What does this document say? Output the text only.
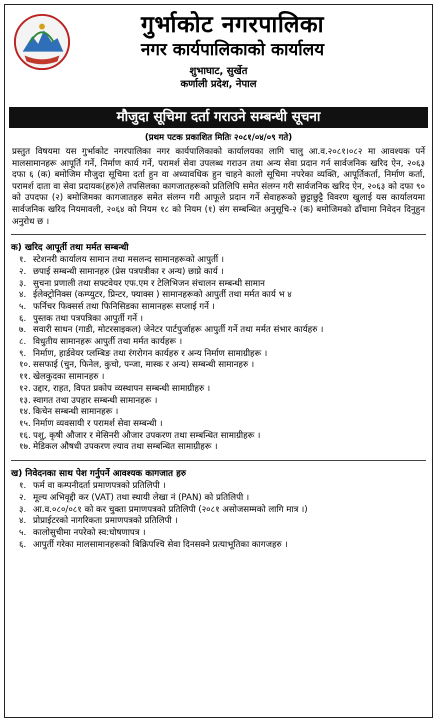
गुर्भाकोट नगरपालिका
नगर कार्यपालिकाको कार्यालय
शुभाघाट, सुर्खेत
कर्णाली प्रदेश, नेपाल
मौजुदा सूचिमा दर्ता गराउने सम्बन्धी सूचना
(प्रथम पटक प्रकाशित मितिः २०८१/०४/०९ गते)
प्रस्तुत विषयमा यस गुर्भाकोट नगरपालिका नगर कार्यपालिकाको कार्यालयका लागि चालु आ.व.२०८१।०८२ मा आवश्यक पर्ने मालसामानहरू आपूर्ति गर्ने, निर्माण कार्य गर्ने, परामर्श सेवा उपलब्ध गराउन तथा अन्य सेवा प्रदान गर्न सार्वजनिक खरिद ऐन, २०६३ दफा ६ (क) बमोजिम मौजुदा सूचिमा दर्ता हुन वा अध्यावधिक हुन चाहने कालो सूचिमा नपरेका व्यक्ति, आपूर्तिकर्ता, निर्माण कर्ता, परामर्श दाता वा सेवा प्रदायक(हरु)ले तपसिलका कागजातहरूको प्रतिलिपि समेत संलग्न गरी सार्वजनिक खरिद ऐन, २०६३ को दफा ९० को उपदफा (२) बमोजिमका कागजातहरु समेत संलग्न गरी आफूले प्रदान गर्ने सेवाहरूको छुट्टाछुट्टै विवरण खुलाई यस कार्यालयमा सार्वजनिक खरिद नियमावली, २०६४ को नियम १८ को नियम (१) संग सम्बन्धित अनुसूचि-२ (क) बमोजिमको ढाँचामा निवेदन दिनुहुन अनुरोध छ ।
क) खरिद आपूर्ती तथा मर्मत सम्बन्धी
१. स्टेशनरी कार्यालय सामान तथा मसलन्द सामानहरूको आपुर्ती ।
२. छपाई सम्बन्धी सामानहरु (प्रेस पत्रपत्रीका र अन्य) छाप्ने कार्य ।
३. सुचना प्रणाली तथा सफ्टवेयर एफ.एम र टेलिभिजन संचालन सम्बन्धी सामान
४. ईलेक्ट्रोनिक्स (कम्प्युटर, प्रिन्टर, फ्याक्स ) सामानहरूको आपुर्ती तथा मर्मत कार्य भ ४
५. फर्निचर फिक्सर्स तथा फिनिसिडका सामानहरू सप्लाई गर्ने ।
६. पुस्तक तथा पत्रपत्रिका आपुर्ती गर्ने ।
७. सवारी साधन (गाडी, मोटरसाइकल) जेनेटर पार्टपुर्जाहरू आपुर्ती गर्ने तथा मर्मत संभार कार्यहरु ।
८. विधुतीय सामानहरू आपुर्ती तथा मर्मत कार्यहरू ।
९. निर्माण, हार्डवेयर प्लम्बिङ तथा रंगरोगन कार्यहरु र अन्य निर्माण सामाग्रीहरू ।
१०. ससफाई (चुन, फिनेल, कुचो, पन्जा, मास्क र अन्य) सम्बन्धी सामानहरु ।
११. खेलकुदका सामानहरु ।
१२. उद्दार, राहत, विपत प्रकोप व्यस्थापन सम्बन्धी सामाग्रीहरु ।
१३. स्वागत तथा उपहार सम्बन्धी सामानहरू ।
१४. किचेन सम्बन्धी सामानहरू ।
१५. निर्माण व्यवसायी र परामर्श सेवा सम्बन्धी ।
१६. पशु, कृषी औजार र मेसिनरी औजार उपकरण तथा सम्बन्धित सामाग्रीहरू ।
१७. मेडिकल औषधी उपकरण ल्याव तथा सम्बन्धित सामाग्रीहरू ।
ख) निवेदनका साथ पेश गर्नुपर्ने आवश्यक कागजात हरु
१. फर्म वा कम्पनीदर्ता प्रमाणपत्रको प्रतिलिपी ।
२. मूल्य अभिवृद्दी कर (VAT) तथा स्थायी लेखा नं (PAN) को प्रतिलिपी ।
३. आ.व.०८०/०८१ को कर चुक्ता प्रमाणपत्रको प्रतिलिपी (२०८१ असोजसम्मको लागि मात्र ।)
४. प्रोप्राईटरको नागरिकता प्रमाणपत्रको प्रतिलिपी ।
५. कालोसुचीमा नपरेको स्व:घोषणापत्र ।
६. आपुर्ती गरेका मालसामानहरूको बिक्रिपश्चि सेवा दिनसक्ने प्रत्याभूतिका कागजहरु ।
